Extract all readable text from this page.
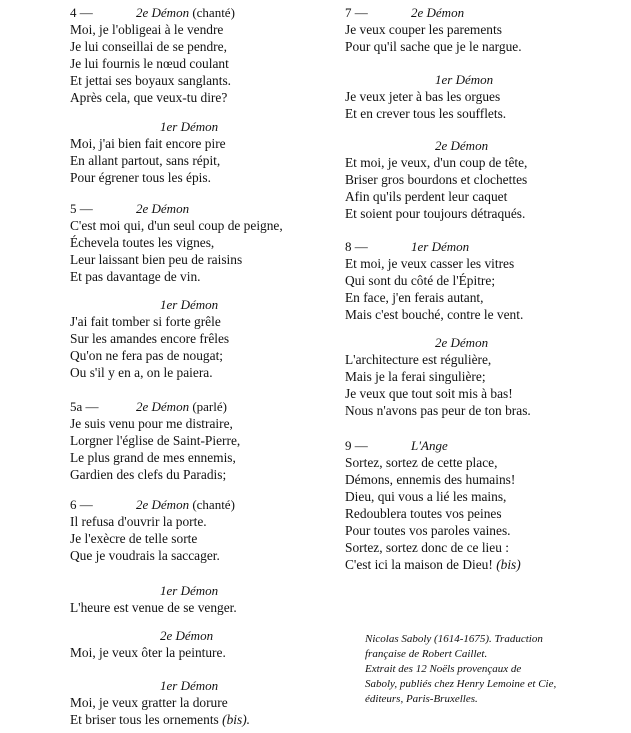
4 —	2e Démon (chanté)
Moi, je l'obligeai à le vendre
Je lui conseillai de se pendre,
Je lui fournis le nœud coulant
Et jettai ses boyaux sanglants.
Après cela, que veux-tu dire?
1er Démon
Moi, j'ai bien fait encore pire
En allant partout, sans répit,
Pour égrener tous les épis.
5 —	2e Démon
C'est moi qui, d'un seul coup de peigne,
Échevela toutes les vignes,
Leur laissant bien peu de raisins
Et pas davantage de vin.
1er Démon
J'ai fait tomber si forte grêle
Sur les amandes encore frêles
Qu'on ne fera pas de nougat;
Ou s'il y en a, on le paiera.
5a —	2e Démon (parlé)
Je suis venu pour me distraire,
Lorgner l'église de Saint-Pierre,
Le plus grand de mes ennemis,
Gardien des clefs du Paradis;
6 —	2e Démon (chanté)
Il refusa d'ouvrir la porte.
Je l'exècre de telle sorte
Que je voudrais la saccager.
1er Démon
L'heure est venue de se venger.
2e Démon
Moi, je veux ôter la peinture.
1er Démon
Moi, je veux gratter la dorure
Et briser tous les ornements (bis).
7 —	2e Démon
Je veux couper les parements
Pour qu'il sache que je le nargue.
1er Démon
Je veux jeter à bas les orgues
Et en crever tous les soufflets.
2e Démon
Et moi, je veux, d'un coup de tête,
Briser gros bourdons et clochettes
Afin qu'ils perdent leur caquet
Et soient pour toujours détraqués.
8 —	1er Démon
Et moi, je veux casser les vitres
Qui sont du côté de l'Épitre;
En face, j'en ferais autant,
Mais c'est bouché, contre le vent.
2e Démon
L'architecture est régulière,
Mais je la ferai singulière;
Je veux que tout soit mis à bas!
Nous n'avons pas peur de ton bras.
9 —	L'Ange
Sortez, sortez de cette place,
Démons, ennemis des humains!
Dieu, qui vous a lié les mains,
Redoublera toutes vos peines
Pour toutes vos paroles vaines.
Sortez, sortez donc de ce lieu :
C'est ici la maison de Dieu! (bis)
Nicolas Saboly (1614-1675). Traduction
française de Robert Caillet.
Extrait des 12 Noëls provençaux de
Saboly, publiés chez Henry Lemoine et Cie,
éditeurs, Paris-Bruxelles.
